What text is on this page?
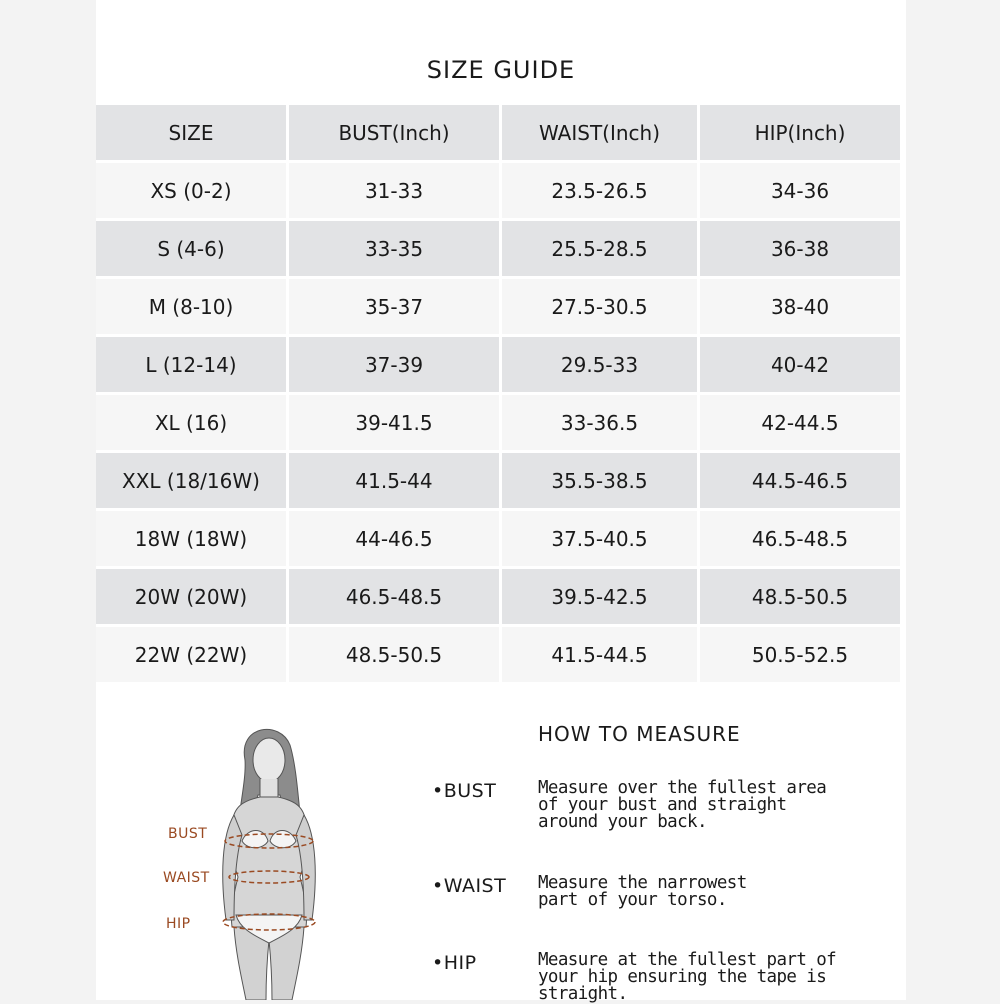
SIZE GUIDE
SIZE	BUST(Inch)	WAIST(Inch)	HIP(Inch)
XS (0-2)	31-33	23.5-26.5	34-36
S (4-6)	33-35	25.5-28.5	36-38
M (8-10)	35-37	27.5-30.5	38-40
L (12-14)	37-39	29.5-33	40-42
XL (16)	39-41.5	33-36.5	42-44.5
XXL (18/16W)	41.5-44	35.5-38.5	44.5-46.5
18W (18W)	44-46.5	37.5-40.5	46.5-48.5
20W (20W)	46.5-48.5	39.5-42.5	48.5-50.5
22W (22W)	48.5-50.5	41.5-44.5	50.5-52.5
BUST
WAIST
HIP
HOW TO MEASURE
•BUST Measure over the fullest area
of your bust and straight
around your back.
•WAIST Measure the narrowest
part of your torso.
•HIP	Measure at the fullest part of
your hip ensuring the tape is
straight.
